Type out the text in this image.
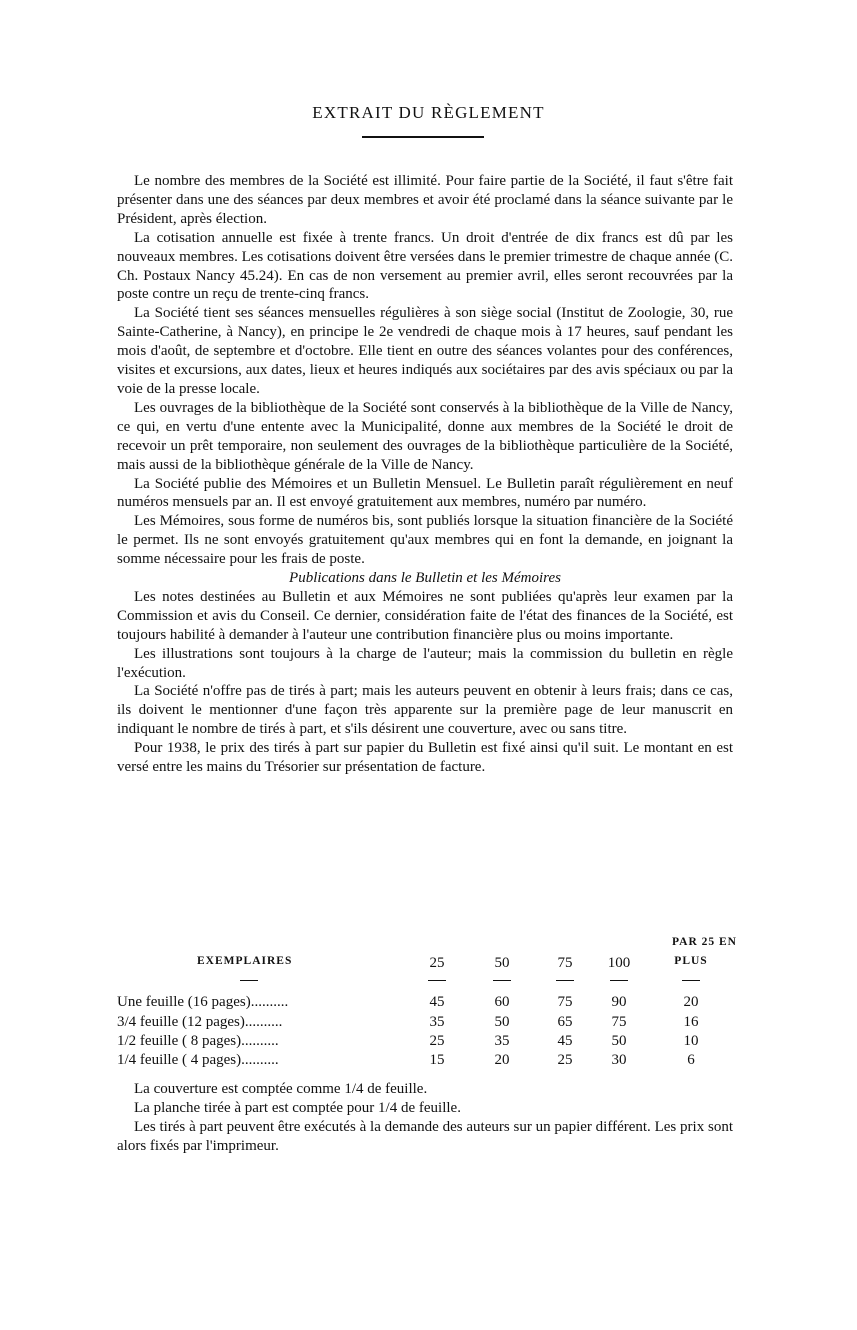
EXTRAIT DU RÈGLEMENT

Le nombre des membres de la Société est illimité. Pour faire partie de la Société, il faut s'être fait présenter dans une des séances par deux membres et avoir été proclamé dans la séance suivante par le Président, après élection.

La cotisation annuelle est fixée à trente francs. Un droit d'entrée de dix francs est dû par les nouveaux membres. Les cotisations doivent être versées dans le premier trimestre de chaque année (C. Ch. Postaux Nancy 45.24). En cas de non versement au premier avril, elles seront recouvrées par la poste contre un reçu de trente-cinq francs.

La Société tient ses séances mensuelles régulières à son siège social (Institut de Zoologie, 30, rue Sainte-Catherine, à Nancy), en principe le 2e vendredi de chaque mois à 17 heures, sauf pendant les mois d'août, de septembre et d'octobre. Elle tient en outre des séances volantes pour des conférences, visites et excursions, aux dates, lieux et heures indiqués aux sociétaires par des avis spéciaux ou par la voie de la presse locale.

Les ouvrages de la bibliothèque de la Société sont conservés à la bibliothèque de la Ville de Nancy, ce qui, en vertu d'une entente avec la Municipalité, donne aux membres de la Société le droit de recevoir un prêt temporaire, non seulement des ouvrages de la bibliothèque particulière de la Société, mais aussi de la bibliothèque générale de la Ville de Nancy.

La Société publie des Mémoires et un Bulletin Mensuel. Le Bulletin paraît régulièrement en neuf numéros mensuels par an. Il est envoyé gratuitement aux membres, numéro par numéro.

Les Mémoires, sous forme de numéros bis, sont publiés lorsque la situation financière de la Société le permet. Ils ne sont envoyés gratuitement qu'aux membres qui en font la demande, en joignant la somme nécessaire pour les frais de poste.

Publications dans le Bulletin et les Mémoires

Les notes destinées au Bulletin et aux Mémoires ne sont publiées qu'après leur examen par la Commission et avis du Conseil. Ce dernier, considération faite de l'état des finances de la Société, est toujours habilité à demander à l'auteur une contribution financière plus ou moins importante.

Les illustrations sont toujours à la charge de l'auteur; mais la commission du bulletin en règle l'exécution.

La Société n'offre pas de tirés à part; mais les auteurs peuvent en obtenir à leurs frais; dans ce cas, ils doivent le mentionner d'une façon très apparente sur la première page de leur manuscrit en indiquant le nombre de tirés à part, et s'ils désirent une couverture, avec ou sans titre.

Pour 1938, le prix des tirés à part sur papier du Bulletin est fixé ainsi qu'il suit. Le montant en est versé entre les mains du Trésorier sur présentation de facture.

PAR 25 EN
EXEMPLAIRES	25	50	75	100	PLUS
Une feuille (16 pages)..........	45	60	75	90	20
3/4 feuille (12 pages)..........	35	50	65	75	16
1/2 feuille ( 8 pages)..........	25	35	45	50	10
1/4 feuille ( 4 pages)..........	15	20	25	30	6

La couverture est comptée comme 1/4 de feuille.

La planche tirée à part est comptée pour 1/4 de feuille.

Les tirés à part peuvent être exécutés à la demande des auteurs sur un papier différent. Les prix sont alors fixés par l'imprimeur.
